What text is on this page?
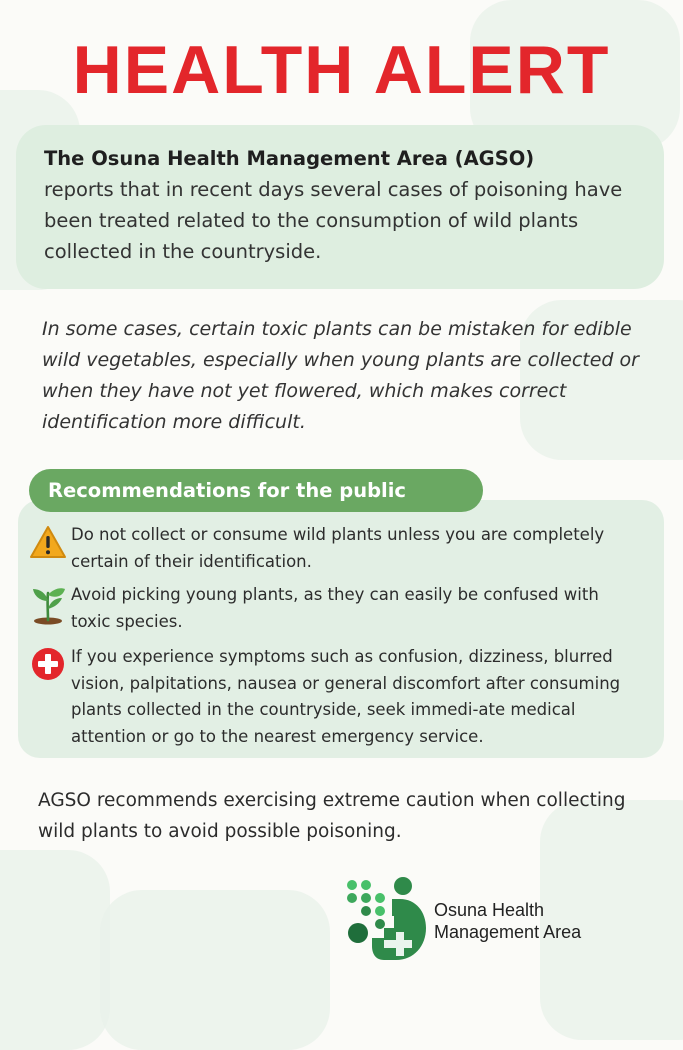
HEALTH ALERT

The Osuna Health Management Area (AGSO)
reports that in recent days several cases of poisoning have been treated related to the consumption of wild plants collected in the countryside.

In some cases, certain toxic plants can be mistaken for edible wild vegetables, especially when young plants are collected or when they have not yet flowered, which makes correct identification more difficult.

Recommendations for the public

Do not collect or consume wild plants unless you are completely certain of their identification.

Avoid picking young plants, as they can easily be confused with toxic species.

If you experience symptoms such as confusion, dizziness, blurred vision, palpitations, nausea or general discomfort after consuming plants collected in the countryside, seek immedi-ate medical attention or go to the nearest emergency service.

AGSO recommends exercising extreme caution when collecting wild plants to avoid possible poisoning.

Osuna Health
Management Area
